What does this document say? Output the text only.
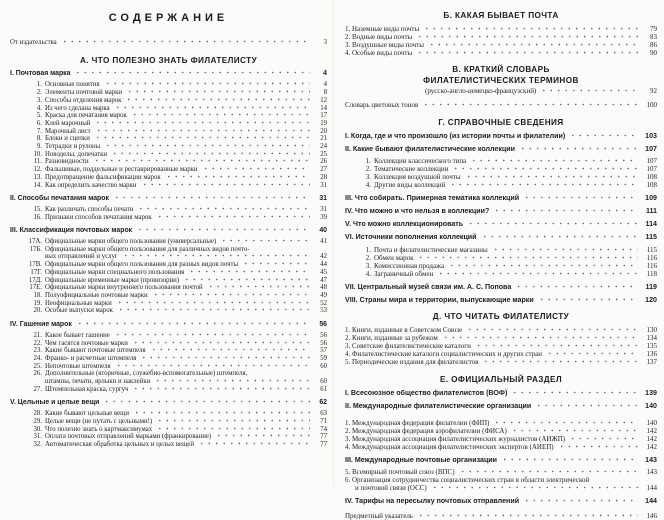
СОДЕРЖАНИЕ
От издательства	3
А. ЧТО ПОЛЕЗНО ЗНАТЬ ФИЛАТЕЛИСТУ
I. Почтовая марка	4
1. Основные понятия	4
2. Элементы почтовой марки	8
3. Способы отделения марок	12
4. Из чего сделана марка	14
5. Краска для печатания марок	17
6. Клей марочный	19
7. Марочный лист	20
8. Блоки и сцепки	21
9. Тетрадки и рулоны	24
10. Новоделы, допечатки	25
11. Разновидности	26
12. Фальшивые, поддельные и реставрированные марки	27
13. Предотвращение фальсификации марок	28
14. Как определить качество марки	31
II. Способы печатания марок	31
15. Как различать способы печати	31
16. Признаки способов печатания марок	39
III. Классификация почтовых марок	40
17А. Официальные марки общего пользования (универсальные)	41
17Б. Официальные марки общего пользования для различных видов почто-
вых отправлений и услуг	42
17В. Официальные марки общего пользования для разных видов почты	44
17Г. Официальные марки специального пользования	45
17Д. Официальные временные марки (провизории)	47
17Е. Официальные марки внутреннего пользования почтой	48
18. Полуофициальные почтовые марки	49
19. Неофициальные марки	52
20. Особые выпуски марок	53
IV. Гашение марок	56
21. Какое бывает гашение	56
22. Чем гасятся почтовые марки	56
23. Какие бывают почтовые штемпеля	57
24. Франко- и расчетные штемпеля	59
25. Непочтовые штемпеля	60
26. Дополнительные (вторичные, служебно-вспомогательные) штемпеля,
штампы, печати, ярлыки и наклейки	60
27. Штемпельная краска, сургуч	61
V. Цельные и целые вещи	62
28. Какие бывают цельные вещи	63
29. Целые вещи (не путать с цельными!)	71
30. Что полезно знать о картмаксимумах	74
31. Оплата почтовых отправлений марками (франкирование)	77
32. Автоматическая обработка цельных и целых вещей	77
Б. КАКАЯ БЫВАЕТ ПОЧТА
1. Наземные виды почты	79
2. Водные виды почты	83
3. Воздушные виды почты	86
4. Особые виды почты	90
В. КРАТКИЙ СЛОВАРЬ
ФИЛАТЕЛИСТИЧЕСКИХ ТЕРМИНОВ
(русско-англо-немецко-французский)	92
Словарь цветовых тонов	100
Г. СПРАВОЧНЫЕ СВЕДЕНИЯ
I. Когда, где и что произошло (из истории почты и филателии)	103
II. Какие бывают филателистические коллекции	107
1. Коллекции классического типа	107
2. Тематические коллекции	107
3. Коллекция воздушной почты	108
4. Другие виды коллекций	108
III. Что собирать. Примерная тематика коллекций	109
IV. Что можно и что нельзя в коллекции?	111
V. Что можно коллекционировать	114
VI. Источники пополнения коллекций	115
1. Почта и филателистические магазины	115
2. Обмен марок	116
3. Комиссионная продажа	116
4. Заграничный обмен	118
VII. Центральный музей связи им. А. С. Попова	119
VIII. Страны мира и территории, выпускающие марки	120
Д. ЧТО ЧИТАТЬ ФИЛАТЕЛИСТУ
1. Книги, изданные в Советском Союзе	130
2. Книги, изданные за рубежом	134
3. Советские филателистические каталоги	135
4. Филателистические каталоги социалистических и других стран	136
5. Периодические издания для филателистов	137
Е. ОФИЦИАЛЬНЫЙ РАЗДЕЛ
I. Всесоюзное общество филателистов (ВОФ)	139
II. Международные филателистические организации	140
1. Международная федерация филателии (ФИП)	140
2. Международная федерация аэрофилателии (ФИСА)	142
3. Международная ассоциация филателистических журналистов (АИЖП)	142
4. Международная ассоциация филателистических экспертов (АИЕП)	142
III. Международные почтовые организации	143
5. Всемирный почтовый союз (ВПС)	143
6. Организация сотрудничества социалистических стран в области электрической
и почтовой связи (ОСС)	144
IV. Тарифы на пересылку почтовых отправлений	144
Предметный указатель	146
